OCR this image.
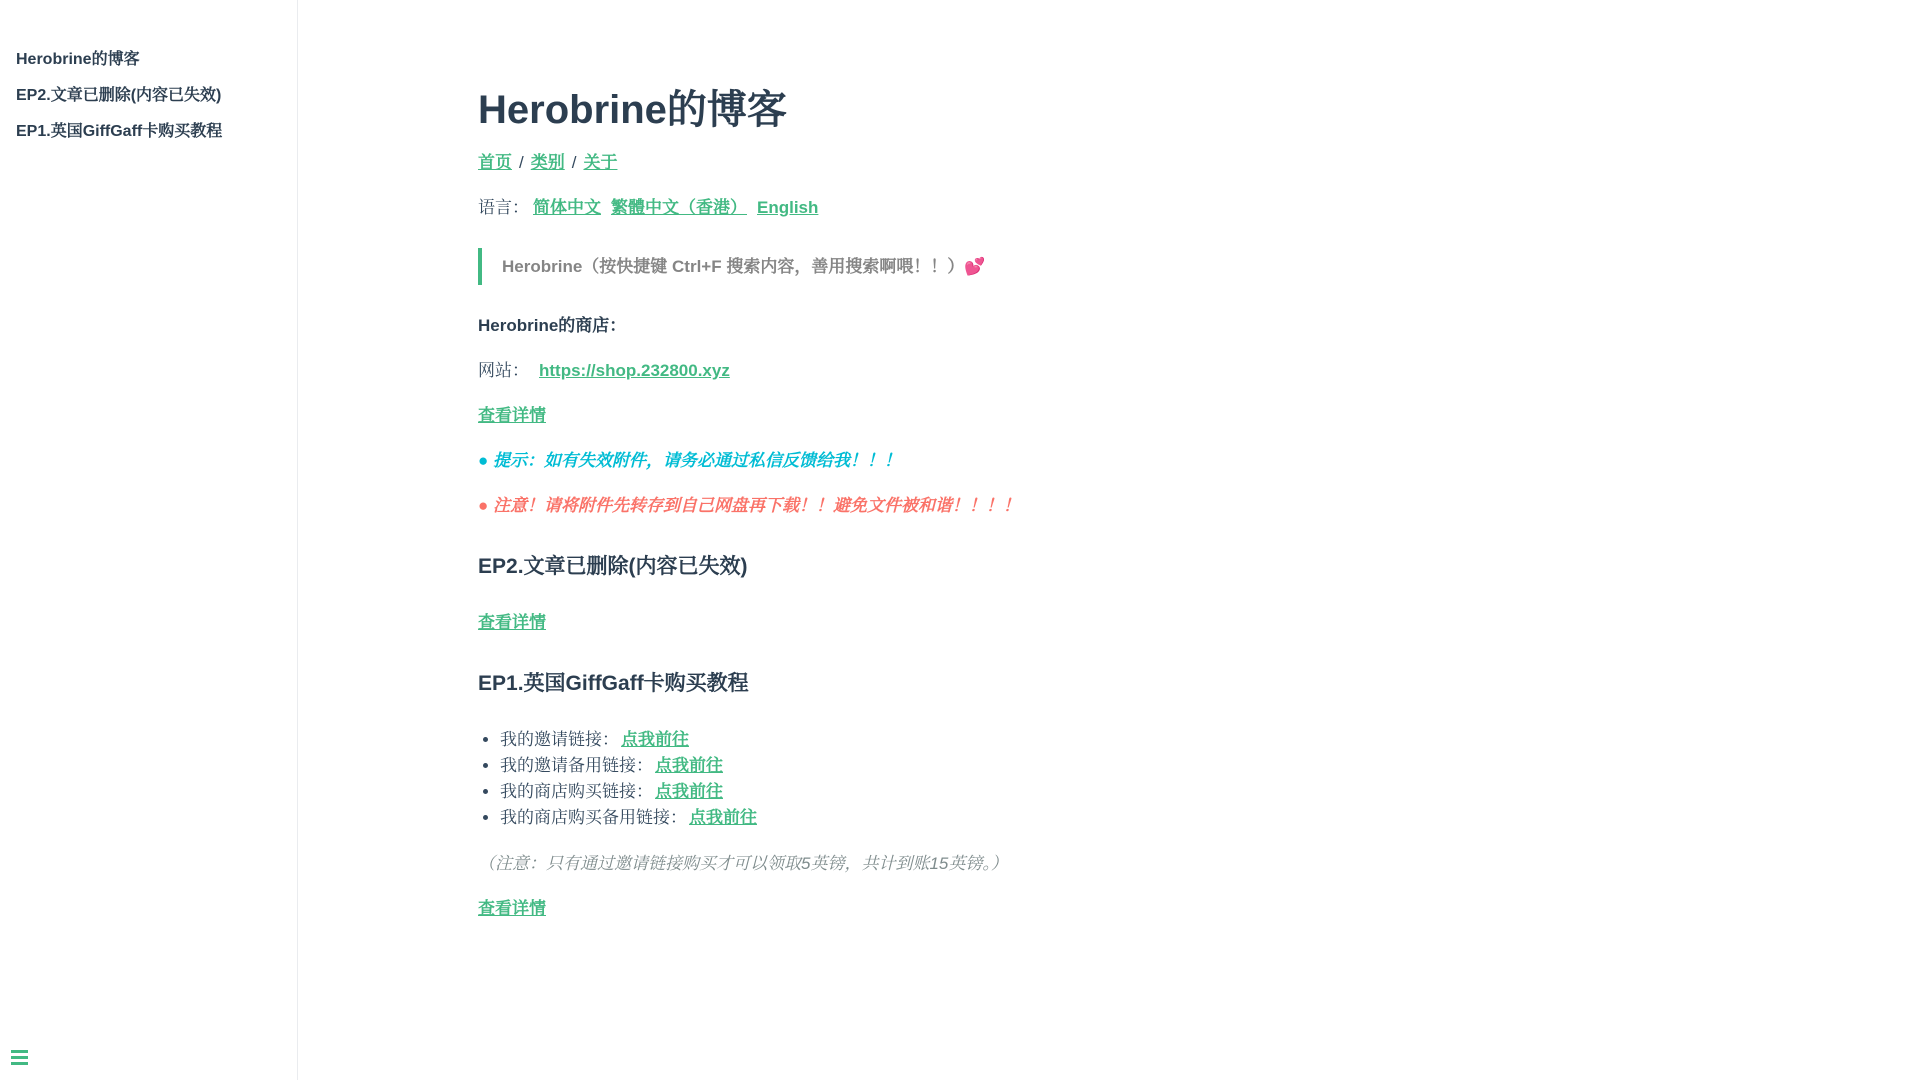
Herobrine的博客
EP2.文章已删除(内容已失效)
EP1.英国GiffGaff卡购买教程	Herobrine的博客

首页 / 类别 / 关于

语言： 简体中文 繁體中文（香港） English

Herobrine（按快捷键 Ctrl+F 搜索内容，善用搜索啊喂！！）💕

Herobrine的商店：

网站： https://shop.232800.xyz

查看详情

● 提示：如有失效附件，请务必通过私信反馈给我！！！

● 注意！请将附件先转存到自己网盘再下载！！避免文件被和谐！！！！

EP2.文章已删除(内容已失效)

查看详情

EP1.英国GiffGaff卡购买教程
• 我的邀请链接： 点我前往
• 我的邀请备用链接： 点我前往
• 我的商店购买链接： 点我前往
• 我的商店购买备用链接： 点我前往

（注意：只有通过邀请链接购买才可以领取5英镑，共计到账15英镑。）

查看详情
